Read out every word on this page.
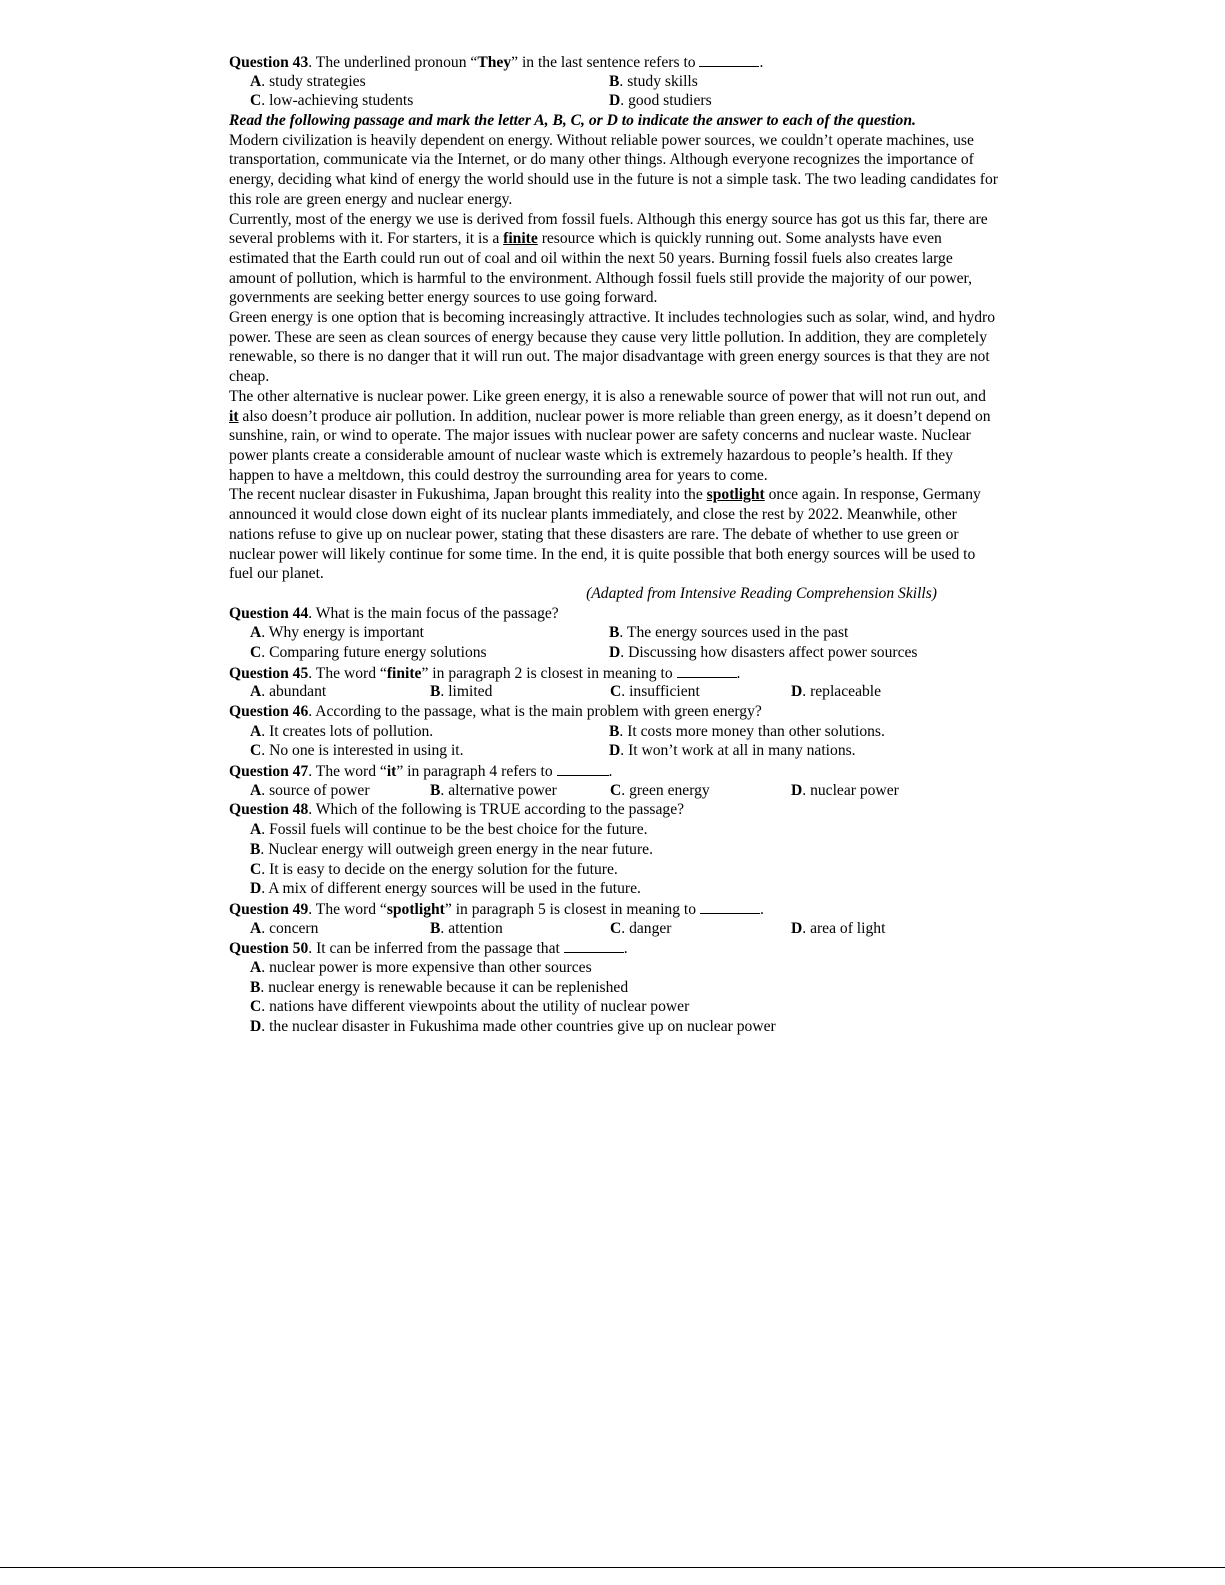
Question 43. The underlined pronoun “They” in the last sentence refers to	.
A. study strategies	B. study skills
C. low-achieving students	D. good studiers
Read the following passage and mark the letter A, B, C, or D to indicate the answer to each of the question.
Modern civilization is heavily dependent on energy. Without reliable power sources, we couldn’t operate machines, use transportation, communicate via the Internet, or do many other things. Although everyone recognizes the importance of energy, deciding what kind of energy the world should use in the future is not a simple task. The two leading candidates for this role are green energy and nuclear energy.
Currently, most of the energy we use is derived from fossil fuels. Although this energy source has got us this far, there are several problems with it. For starters, it is a finite resource which is quickly running out. Some analysts have even estimated that the Earth could run out of coal and oil within the next 50 years. Burning fossil fuels also creates large amount of pollution, which is harmful to the environment. Although fossil fuels still provide the majority of our power, governments are seeking better energy sources to use going forward.
Green energy is one option that is becoming increasingly attractive. It includes technologies such as solar, wind, and hydro power. These are seen as clean sources of energy because they cause very little pollution. In addition, they are completely renewable, so there is no danger that it will run out. The major disadvantage with green energy sources is that they are not cheap.
The other alternative is nuclear power. Like green energy, it is also a renewable source of power that will not run out, and it also doesn’t produce air pollution. In addition, nuclear power is more reliable than green energy, as it doesn’t depend on sunshine, rain, or wind to operate. The major issues with nuclear power are safety concerns and nuclear waste. Nuclear power plants create a considerable amount of nuclear waste which is extremely hazardous to people’s health. If they happen to have a meltdown, this could destroy the surrounding area for years to come.
The recent nuclear disaster in Fukushima, Japan brought this reality into the spotlight once again. In response, Germany announced it would close down eight of its nuclear plants immediately, and close the rest by 2022. Meanwhile, other nations refuse to give up on nuclear power, stating that these disasters are rare. The debate of whether to use green or nuclear power will likely continue for some time. In the end, it is quite possible that both energy sources will be used to fuel our planet.
(Adapted from Intensive Reading Comprehension Skills)
Question 44. What is the main focus of the passage?
A. Why energy is important	B. The energy sources used in the past
C. Comparing future energy solutions	D. Discussing how disasters affect power sources
Question 45. The word “finite” in paragraph 2 is closest in meaning to	.
A. abundant	B. limited	C. insufficient	D. replaceable
Question 46. According to the passage, what is the main problem with green energy?
A. It creates lots of pollution.	B. It costs more money than other solutions.
C. No one is interested in using it.	D. It won’t work at all in many nations.
Question 47. The word “it” in paragraph 4 refers to	.
A. source of power	B. alternative power	C. green energy	D. nuclear power
Question 48. Which of the following is TRUE according to the passage?
A. Fossil fuels will continue to be the best choice for the future.
B. Nuclear energy will outweigh green energy in the near future.
C. It is easy to decide on the energy solution for the future.
D. A mix of different energy sources will be used in the future.
Question 49. The word “spotlight” in paragraph 5 is closest in meaning to	.
A. concern	B. attention	C. danger	D. area of light
Question 50. It can be inferred from the passage that	.
A. nuclear power is more expensive than other sources
B. nuclear energy is renewable because it can be replenished
C. nations have different viewpoints about the utility of nuclear power
D. the nuclear disaster in Fukushima made other countries give up on nuclear power
